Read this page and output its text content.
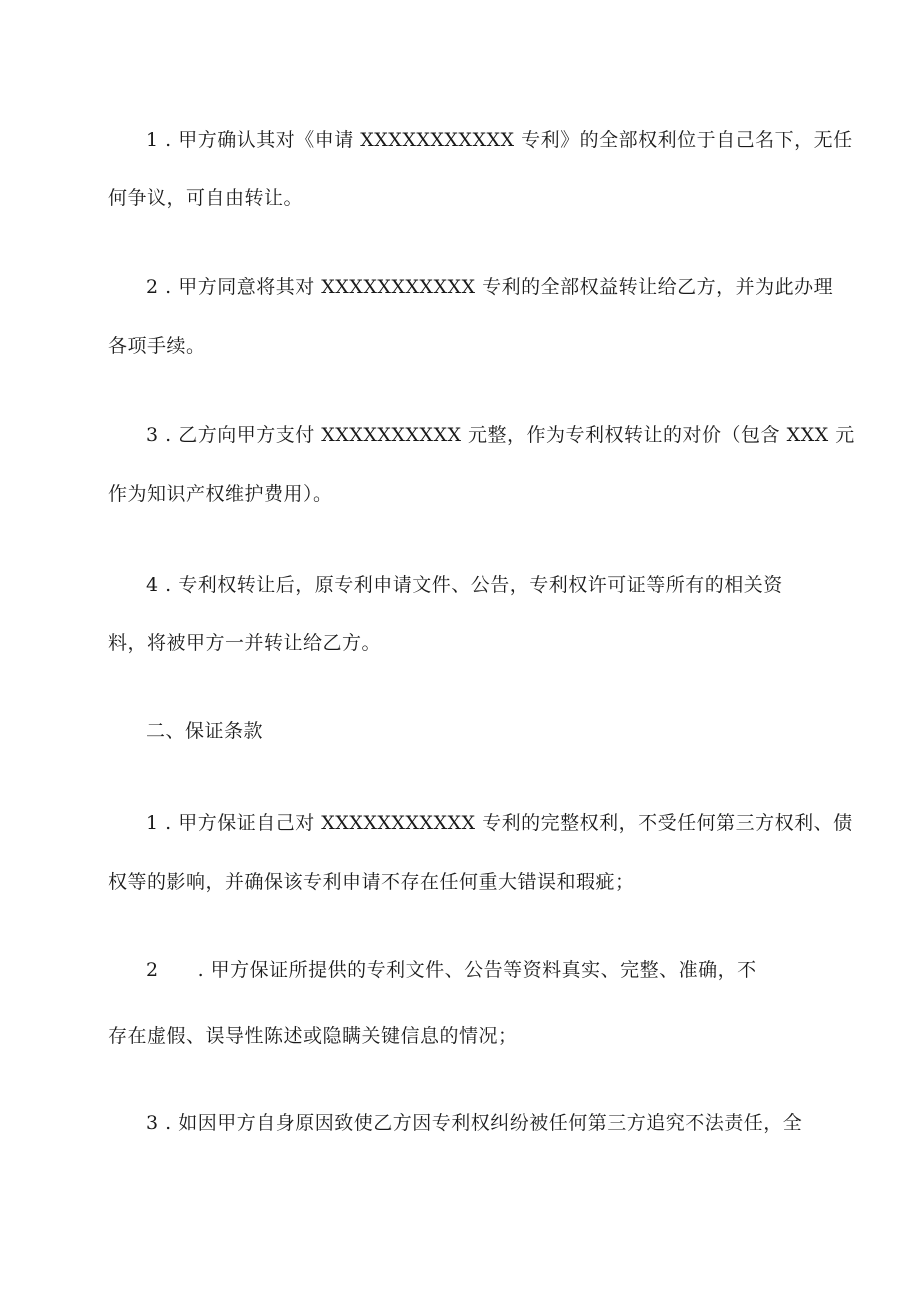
1 . 甲方确认其对《申请 XXXXXXXXXXX 专利》的全部权利位于自己名下，无任
何争议，可自由转让。
2 . 甲方同意将其对 XXXXXXXXXXX 专利的全部权益转让给乙方，并为此办理
各项手续。
3 . 乙方向甲方支付 XXXXXXXXXX 元整，作为专利权转让的对价（包含 XXX 元
作为知识产权维护费用）。
4 . 专利权转让后，原专利申请文件、公告，专利权许可证等所有的相关资
料，将被甲方一并转让给乙方。
二、保证条款
1 . 甲方保证自己对 XXXXXXXXXXX 专利的完整权利，不受任何第三方权利、债
权等的影响，并确保该专利申请不存在任何重大错误和瑕疵；
2　　. 甲方保证所提供的专利文件、公告等资料真实、完整、准确，不
存在虚假、误导性陈述或隐瞒关键信息的情况；
3 . 如因甲方自身原因致使乙方因专利权纠纷被任何第三方追究不法责任，全
